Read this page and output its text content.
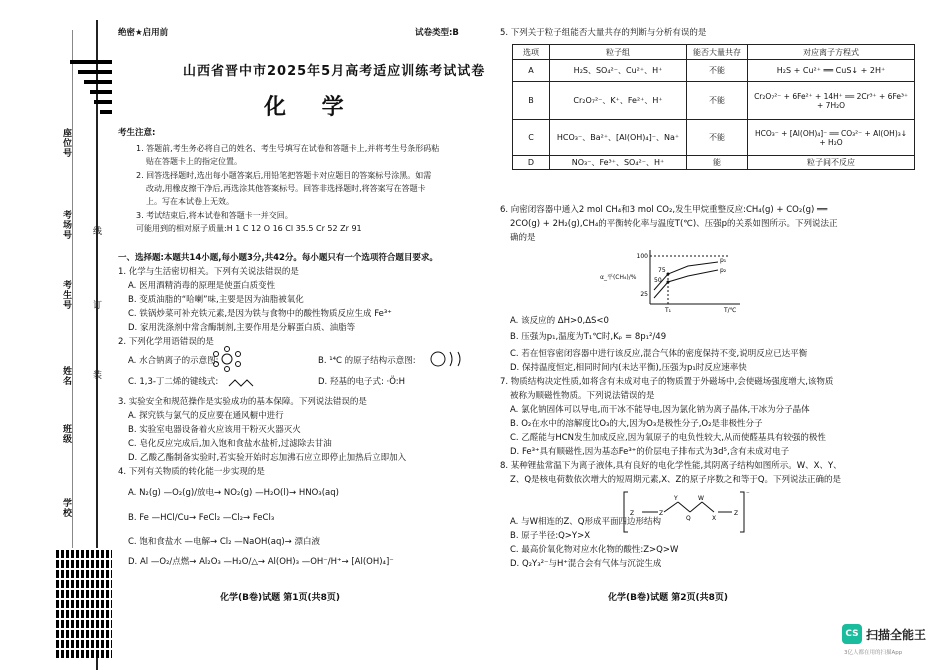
座位号
考场号
考生号
姓名
班级
学校
线
订
装
绝密★启用前	试卷类型:B
山西省晋中市2025年5月高考适应训练考试试卷
化 学
考生注意:
1. 答题前,考生务必将自己的姓名、考生号填写在试卷和答题卡上,并将考生号条形码粘
贴在答题卡上的指定位置。
2. 回答选择题时,选出每小题答案后,用铅笔把答题卡对应题目的答案标号涂黑。如需
改动,用橡皮擦干净后,再选涂其他答案标号。回答非选择题时,将答案写在答题卡
上。写在本试卷上无效。
3. 考试结束后,将本试卷和答题卡一并交回。
可能用到的相对原子质量:H 1 C 12 O 16 Cl 35.5 Cr 52 Zr 91
一、选择题:本题共14小题,每小题3分,共42分。每小题只有一个选项符合题目要求。
1. 化学与生活密切相关。下列有关说法错误的是
A. 医用酒精消毒的原理是使蛋白质变性
B. 变质油脂的“哈喇”味,主要是因为油脂被氧化
C. 铁锅炒菜可补充铁元素,是因为铁与食物中的酸性物质反应生成 Fe³⁺
D. 家用洗涤剂中常含酶制剂,主要作用是分解蛋白质、油脂等
2. 下列化学用语错误的是
A. 水合钠离子的示意图:	B. ¹⁴C 的原子结构示意图:
C. 1,3-丁二烯的键线式:	D. 羟基的电子式: ·Ö:H
3. 实验安全和规范操作是实验成功的基本保障。下列说法错误的是
A. 探究铁与氯气的反应要在通风橱中进行
B. 实验室电器设备着火应该用干粉灭火器灭火
C. 皂化反应完成后,加入饱和食盐水盐析,过滤除去甘油
D. 乙酸乙酯制备实验时,若实验开始时忘加沸石应立即停止加热后立即加入
4. 下列有关物质的转化能一步实现的是
A. N₂(g) —O₂(g)/放电→ NO₂(g) —H₂O(l)→ HNO₃(aq)
B. Fe —HCl/Cu→ FeCl₂ —Cl₂→ FeCl₃
C. 饱和食盐水 —电解→ Cl₂ —NaOH(aq)→ 漂白液
D. Al —O₂/点燃→ Al₂O₃ —H₂O/△→ Al(OH)₃ —OH⁻/H⁺→ [Al(OH)₄]⁻
化学(B卷)试题 第1页(共8页)
5. 下列关于粒子组能否大量共存的判断与分析有误的是
选项	粒子组	能否大量共存	对应离子方程式
A	H₂S、SO₄²⁻、Cu²⁺、H⁺	不能	H₂S + Cu²⁺ ══ CuS↓ + 2H⁺
B	Cr₂O₇²⁻、K⁺、Fe²⁺、H⁺	不能	Cr₂O₇²⁻ + 6Fe²⁺ + 14H⁺ ══ 2Cr³⁺ + 6Fe³⁺ + 7H₂O
C	HCO₃⁻、Ba²⁺、[Al(OH)₄]⁻、Na⁺	不能	HCO₃⁻ + [Al(OH)₄]⁻ ══ CO₃²⁻ + Al(OH)₃↓ + H₂O
D	NO₃⁻、Fe³⁺、SO₄²⁻、H⁺	能	粒子间不反应
6. 向密闭容器中通入2 mol CH₄和3 mol CO₂,发生甲烷重整反应:CH₄(g) + CO₂(g) ══
2CO(g) + 2H₂(g),CH₄的平衡转化率与温度T(℃)、压强p的关系如图所示。下列说法正
确的是
100
75
50
25
T₁
p₁
p₂
T/℃
α_平(CH₄)/%
A. 该反应的 ΔH>0,ΔS<0
B. 压强为p₁,温度为T₁℃时,Kₚ = 8p₁²/49
C. 若在恒容密闭容器中进行该反应,混合气体的密度保持不变,说明反应已达平衡
D. 保持温度恒定,相同时间内(未达平衡),压强为p₁时反应速率快
7. 物质结构决定性质,如将含有未成对电子的物质置于外磁场中,会使磁场强度增大,该物质
被称为顺磁性物质。下列说法错误的是
A. 氯化钠固体可以导电,而干冰不能导电,因为氯化钠为离子晶体,干冰为分子晶体
B. O₂在水中的溶解度比O₃的大,因为O₃是极性分子,O₂是非极性分子
C. 乙醛能与HCN发生加成反应,因为氧原子的电负性较大,从而使醛基具有较强的极性
D. Fe³⁺具有顺磁性,因为基态Fe³⁺的价层电子排布式为3d⁵,含有未成对电子
8. 某种锂盐常温下为离子液体,具有良好的电化学性能,其阴离子结构如图所示。W、X、Y、
Z、Q是核电荷数依次增大的短周期元素,X、Z的原子序数之和等于Q。下列说法正确的是
Z	Z
Y
Q
W
X
Z
⁻
A. 与W相连的Z、Q形成平面四边形结构
B. 原子半径:Q>Y>X
C. 最高价氧化物对应水化物的酸性:Z>Q>W
D. Q₂Y₃²⁻与H⁺混合会有气体与沉淀生成
化学(B卷)试题 第2页(共8页)
CS 扫描全能王
3亿人都在用的扫描App
